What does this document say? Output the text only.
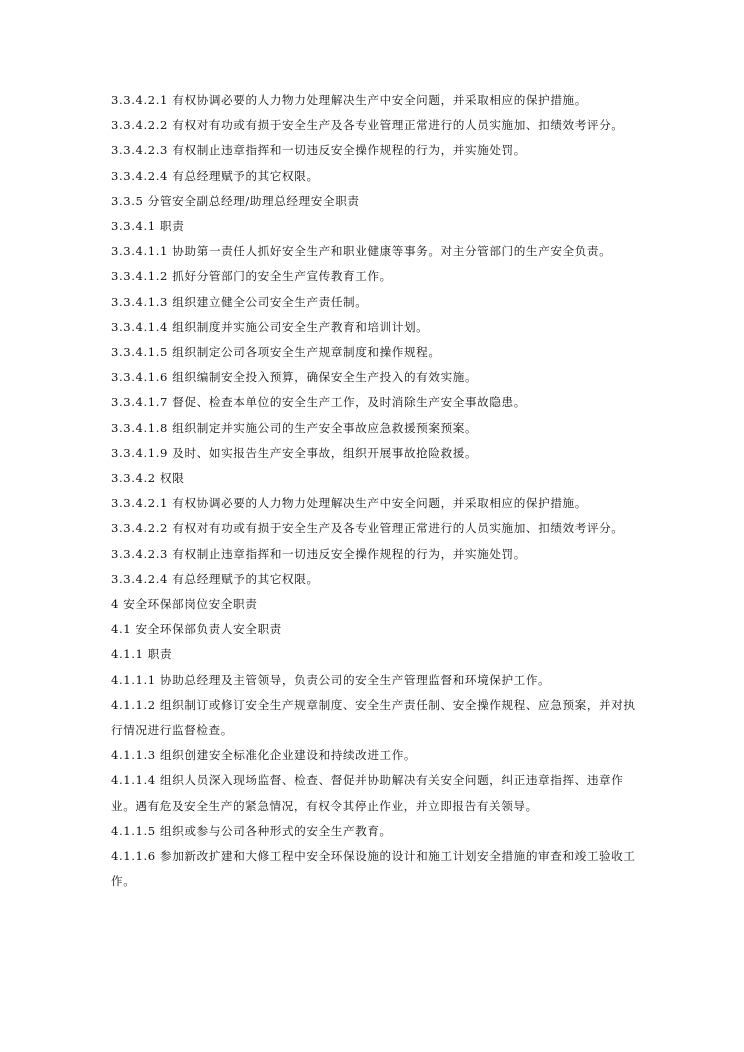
3.3.4.2.1 有权协调必要的人力物力处理解决生产中安全问题，并采取相应的保护措施。

3.3.4.2.2 有权对有功或有损于安全生产及各专业管理正常进行的人员实施加、扣绩效考评分。

3.3.4.2.3 有权制止违章指挥和一切违反安全操作规程的行为，并实施处罚。

3.3.4.2.4 有总经理赋予的其它权限。

3.3.5 分管安全副总经理/助理总经理安全职责

3.3.4.1 职责

3.3.4.1.1 协助第一责任人抓好安全生产和职业健康等事务。对主分管部门的生产安全负责。

3.3.4.1.2 抓好分管部门的安全生产宣传教育工作。

3.3.4.1.3 组织建立健全公司安全生产责任制。

3.3.4.1.4 组织制度并实施公司安全生产教育和培训计划。

3.3.4.1.5 组织制定公司各项安全生产规章制度和操作规程。

3.3.4.1.6 组织编制安全投入预算，确保安全生产投入的有效实施。

3.3.4.1.7 督促、检查本单位的安全生产工作，及时消除生产安全事故隐患。

3.3.4.1.8 组织制定并实施公司的生产安全事故应急救援预案预案。

3.3.4.1.9 及时、如实报告生产安全事故，组织开展事故抢险救援。

3.3.4.2 权限

3.3.4.2.1 有权协调必要的人力物力处理解决生产中安全问题，并采取相应的保护措施。

3.3.4.2.2 有权对有功或有损于安全生产及各专业管理正常进行的人员实施加、扣绩效考评分。

3.3.4.2.3 有权制止违章指挥和一切违反安全操作规程的行为，并实施处罚。

3.3.4.2.4 有总经理赋予的其它权限。

4 安全环保部岗位安全职责

4.1 安全环保部负责人安全职责

4.1.1 职责

4.1.1.1 协助总经理及主管领导，负责公司的安全生产管理监督和环境保护工作。

4.1.1.2 组织制订或修订安全生产规章制度、安全生产责任制、安全操作规程、应急预案，并对执行情况进行监督检查。

4.1.1.3 组织创建安全标准化企业建设和持续改进工作。

4.1.1.4 组织人员深入现场监督、检查、督促并协助解决有关安全问题，纠正违章指挥、违章作业。遇有危及安全生产的紧急情况，有权令其停止作业，并立即报告有关领导。

4.1.1.5 组织或参与公司各种形式的安全生产教育。

4.1.1.6 参加新改扩建和大修工程中安全环保设施的设计和施工计划安全措施的审查和竣工验收工作。
